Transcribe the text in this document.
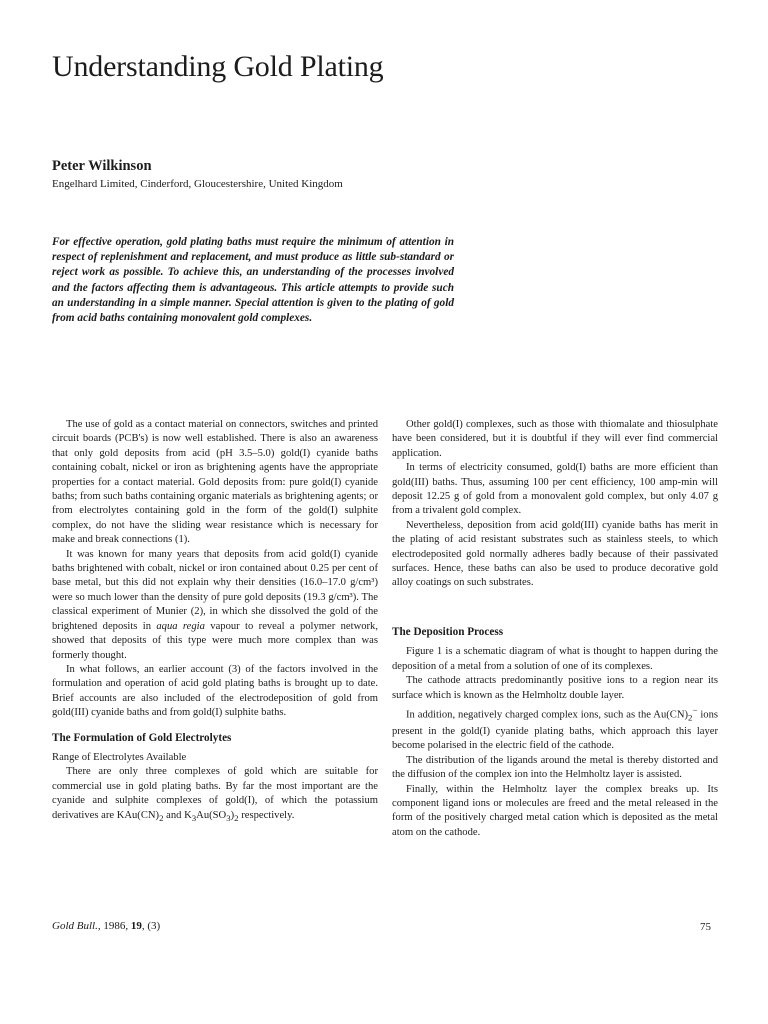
Understanding Gold Plating

Peter Wilkinson

Engelhard Limited, Cinderford, Gloucestershire, United Kingdom

For effective operation, gold plating baths must require the minimum of attention in respect of replenishment and replacement, and must produce as little sub-standard or reject work as possible. To achieve this, an understanding of the processes involved and the factors affecting them is advantageous. This article attempts to provide such an understanding in a simple manner. Special attention is given to the plating of gold from acid baths containing monovalent gold complexes.

The use of gold as a contact material on connectors, switches and printed circuit boards (PCB's) is now well established. There is also an awareness that only gold deposits from acid (pH 3.5–5.0) gold(I) cyanide baths containing cobalt, nickel or iron as brightening agents have the appropriate properties for a contact material. Gold deposits from: pure gold(I) cyanide baths; from such baths containing organic materials as brightening agents; or from electrolytes containing gold in the form of the gold(I) sulphite complex, do not have the sliding wear resistance which is necessary for make and break connections (1).

It was known for many years that deposits from acid gold(I) cyanide baths brightened with cobalt, nickel or iron contained about 0.25 per cent of base metal, but this did not explain why their densities (16.0–17.0 g/cm³) were so much lower than the density of pure gold deposits (19.3 g/cm³). The classical experiment of Munier (2), in which she dissolved the gold of the brightened deposits in aqua regia vapour to reveal a polymer network, showed that deposits of this type were much more complex than was formerly thought.

In what follows, an earlier account (3) of the factors involved in the formulation and operation of acid gold plating baths is brought up to date. Brief accounts are also included of the electrodeposition of gold from gold(III) cyanide baths and from gold(I) sulphite baths.

The Formulation of Gold Electrolytes
Range of Electrolytes Available

There are only three complexes of gold which are suitable for commercial use in gold plating baths. By far the most important are the cyanide and sulphite complexes of gold(I), of which the potassium derivatives are $KAu(CN)_2$ and $K_3Au(SO_3)_2$ respectively.

Other gold(I) complexes, such as those with thiomalate and thiosulphate have been considered, but it is doubtful if they will ever find commercial application.

In terms of electricity consumed, gold(I) baths are more efficient than gold(III) baths. Thus, assuming 100 per cent efficiency, 100 amp-min will deposit 12.25 g of gold from a monovalent gold complex, but only 4.07 g from a trivalent gold complex.

Nevertheless, deposition from acid gold(III) cyanide baths has merit in the plating of acid resistant substrates such as stainless steels, to which electrodeposited gold normally adheres badly because of their passivated surfaces. Hence, these baths can also be used to produce decorative gold alloy coatings on such substrates.

The Deposition Process

Figure 1 is a schematic diagram of what is thought to happen during the deposition of a metal from a solution of one of its complexes.

The cathode attracts predominantly positive ions to a region near its surface which is known as the Helmholtz double layer.

In addition, negatively charged complex ions, such as the $Au(CN)_2^-$ ions present in the gold(I) cyanide plating baths, which approach this layer become polarised in the electric field of the cathode.

The distribution of the ligands around the metal is thereby distorted and the diffusion of the complex ion into the Helmholtz layer is assisted.

Finally, within the Helmholtz layer the complex breaks up. Its component ligand ions or molecules are freed and the metal released in the form of the positively charged metal cation which is deposited as the metal atom on the cathode.

Gold Bull., 1986, 19, (3)	75
